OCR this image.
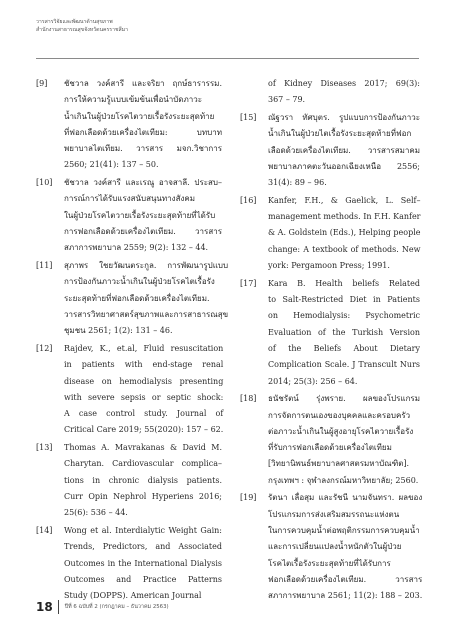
วารสารวิจัยและพัฒนาด้านสุขภาพ
สำนักงานสาธารณสุขจังหวัดนครราชสีมา
[9]	ชัชวาล วงค์สารี และจริยา ฤกษ์ธารารรม.
การให้ความรู้แบบเข้มข้นเพื่อนำบัดภาวะ
น้ำเกินในผู้ป่วยโรคไตวายเรื้อรังระยะสุดท้าย
ที่ฟอกเลือดด้วยเครื่องไตเทียม: บทบาท
พยาบาลไตเทียม. วารสาร มจก.วิชาการ
2560; 21(41): 137 – 50.
[10]	ชัชวาล วงค์สารี และเรณู อาจสาลี. ประสบ–
การณ์การได้รับแรงสนับสนุนทางสังคม
ในผู้ป่วยโรคไตวายเรื้อรังระยะสุดท้ายที่ได้รับ
การฟอกเลือดด้วยเครื่องไตเทียม. วารสาร
สภาการพยาบาล 2559; 9(2): 132 – 44.
[11]	สุภาพร ใชยวัฒนตระกูล. การพัฒนารูปแบบ
การป้องกันภาวะน้ำเกินในผู้ป่วยโรคไตเรื้อรัง
ระยะสุดท้ายที่ฟอกเลือดด้วยเครื่องไตเทียม.
วารสารวิทยาศาสตร์สุขภาพและการสาธารณสุข
ชุมชน 2561; 1(2): 131 – 46.
[12]	Rajdev, K., et.al, Fluid resuscitation
in patients with end-stage renal
disease on hemodialysis presenting
with severe sepsis or septic shock:
A case control study. Journal of
Critical Care 2019; 55(2020): 157 – 62.
[13]	Thomas A. Mavrakanas & David M.
Charytan. Cardiovascular complica–
tions in chronic dialysis patients.
Curr Opin Nephrol Hyperiens 2016;
25(6): 536 – 44.
[14]	Wong et al. Interdialytic Weight Gain:
Trends, Predictors, and Associated
Outcomes in the International Dialysis
Outcomes and Practice Patterns
Study (DOPPS). American Journal
of Kidney Diseases 2017; 69(3):
367 – 79.
[15]	ณัฐวรา ทัศบุตร. รูปแบบการป้องกันภาวะ
น้ำเกินในผู้ป่วยไตเรื้อรังระยะสุดท้ายที่ฟอก
เลือดด้วยเครื่องไตเทียม. วารสารสมาคม
พยาบาลภาคตะวันออกเฉียงเหนือ 2556;
31(4): 89 – 96.
[16]	Kanfer, F.H., & Gaelick, L. Self–
management methods. In F.H. Kanfer
& A. Goldstein (Eds.), Helping people
change: A textbook of methods. New
york: Pergamoon Press; 1991.
[17]	Kara B. Health beliefs Related
to Salt-Restricted Diet in Patients
on Hemodialysis: Psychometric
Evaluation of the Turkish Version
of the Beliefs About Dietary
Complication Scale. J Transcult Nurs
2014; 25(3): 256 – 64.
[18]	ธนัชรัตน์ รุ่งพราย. ผลของโปรแกรม
การจัดการตนเองของบุคคลและครอบครัว
ต่อภาวะน้ำเกินในผู้สูงอายุโรคไตวายเรื้อรัง
ที่รับการฟอกเลือดด้วยเครื่องไตเทียม
[วิทยานิพนธ์พยาบาลศาสตรมหาบัณฑิต].
กรุงเทพฯ : จุฬาลงกรณ์มหาวิทยาลัย; 2560.
[19]	รัตนา เลื่อสุม และรัชนี นามจันทรา. ผลของ
โปรแกรมการส่งเสริมสมรรถนะแห่งตน
ในการควบคุมน้ำต่อพฤติกรรมการควบคุมน้ำ
และการเปลี่ยนแปลงน้ำหนักตัวในผู้ป่วย
โรคไตเรื้อรังระยะสุดท้ายที่ได้รับการ
ฟอกเลือดด้วยเครื่องไตเทียม. วารสาร
สภาการพยาบาล 2561; 11(2): 188 – 203.
18 ปีที่ 6 ฉบับที่ 2 (กรกฎาคม – ธันวาคม 2563)
